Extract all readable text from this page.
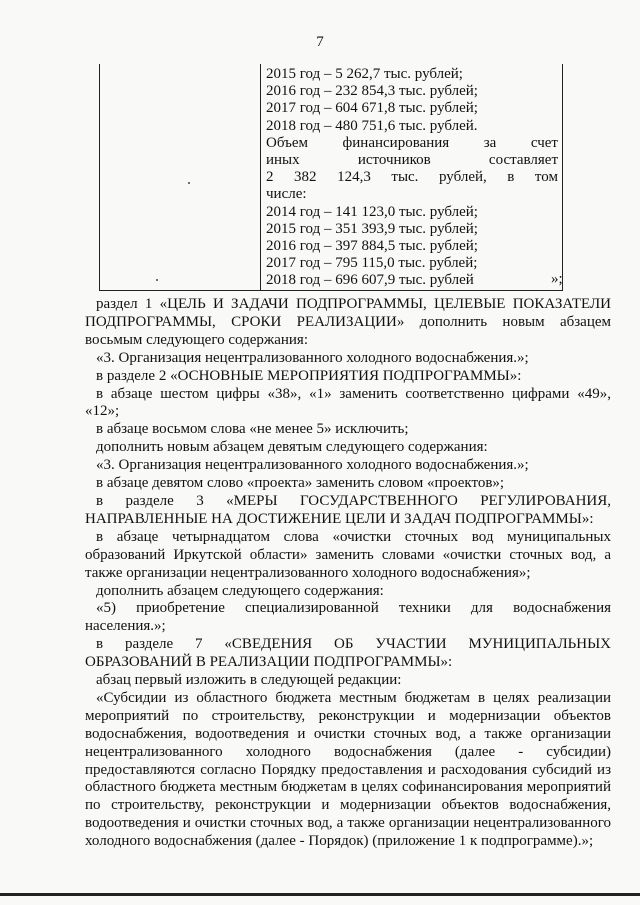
7
2015 год – 5 262,7 тыс. рублей;
2016 год – 232 854,3 тыс. рублей;
2017 год – 604 671,8 тыс. рублей;
2018 год – 480 751,6 тыс. рублей.
Объем финансирования за счет
иных источников составляет
2 382 124,3 тыс. рублей, в том
числе:
2014 год – 141 123,0 тыс. рублей;
2015 год – 351 393,9 тыс. рублей;
2016 год – 397 884,5 тыс. рублей;
2017 год – 795 115,0 тыс. рублей;
2018 год – 696 607,9 тыс. рублей	»;

раздел 1 «ЦЕЛЬ И ЗАДАЧИ ПОДПРОГРАММЫ, ЦЕЛЕВЫЕ ПОКАЗАТЕЛИ ПОДПРОГРАММЫ, СРОКИ РЕАЛИЗАЦИИ» дополнить новым абзацем восьмым следующего содержания:

«3. Организация нецентрализованного холодного водоснабжения.»;

в разделе 2 «ОСНОВНЫЕ МЕРОПРИЯТИЯ ПОДПРОГРАММЫ»:

в абзаце шестом цифры «38», «1» заменить соответственно цифрами «49», «12»;

в абзаце восьмом слова «не менее 5» исключить;

дополнить новым абзацем девятым следующего содержания:

«3. Организация нецентрализованного холодного водоснабжения.»;

в абзаце девятом слово «проекта» заменить словом «проектов»;

в разделе 3 «МЕРЫ ГОСУДАРСТВЕННОГО РЕГУЛИРОВАНИЯ, НАПРАВЛЕННЫЕ НА ДОСТИЖЕНИЕ ЦЕЛИ И ЗАДАЧ ПОДПРОГРАММЫ»:

в абзаце четырнадцатом слова «очистки сточных вод муниципальных образований Иркутской области» заменить словами «очистки сточных вод, а также организации нецентрализованного холодного водоснабжения»;

дополнить абзацем следующего содержания:

«5) приобретение специализированной техники для водоснабжения населения.»;

в разделе 7 «СВЕДЕНИЯ ОБ УЧАСТИИ МУНИЦИПАЛЬНЫХ ОБРАЗОВАНИЙ В РЕАЛИЗАЦИИ ПОДПРОГРАММЫ»:

абзац первый изложить в следующей редакции:

«Субсидии из областного бюджета местным бюджетам в целях реализации мероприятий по строительству, реконструкции и модернизации объектов водоснабжения, водоотведения и очистки сточных вод, а также организации нецентрализованного холодного водоснабжения (далее - субсидии) предоставляются согласно Порядку предоставления и расходования субсидий из областного бюджета местным бюджетам в целях софинансирования мероприятий по строительству, реконструкции и модернизации объектов водоснабжения, водоотведения и очистки сточных вод, а также организации нецентрализованного холодного водоснабжения (далее - Порядок) (приложение 1 к подпрограмме).»;
